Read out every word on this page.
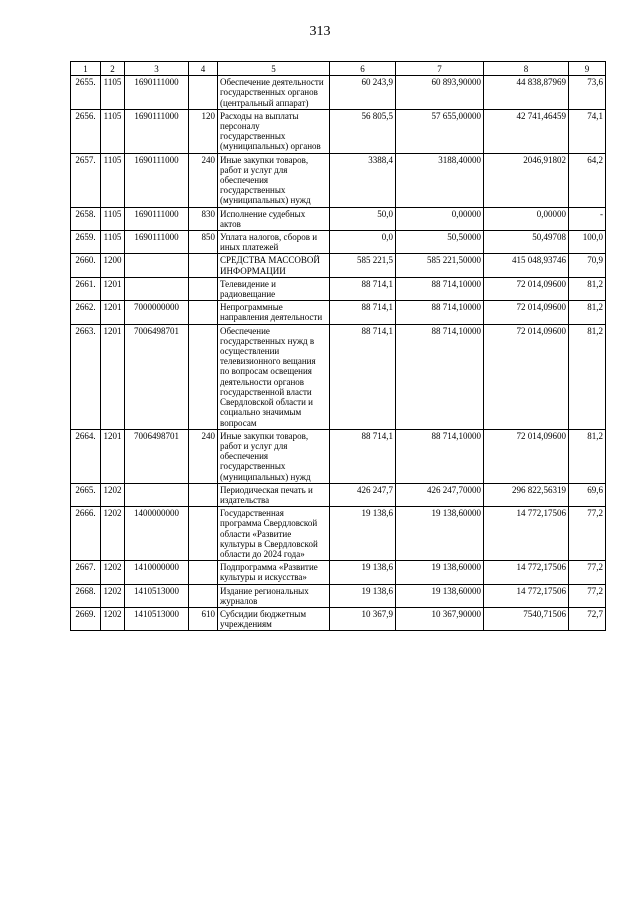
313
1	2	3	4	5	6	7	8	9
2655.	1105	1690111000		Обеспечение деятельности государственных органов (центральный аппарат)	60 243,9	60 893,90000	44 838,87969	73,6
2656.	1105	1690111000	120	Расходы на выплаты персоналу государственных (муниципальных) органов	56 805,5	57 655,00000	42 741,46459	74,1
2657.	1105	1690111000	240	Иные закупки товаров, работ и услуг для обеспечения государственных (муниципальных) нужд	3388,4	3188,40000	2046,91802	64,2
2658.	1105	1690111000	830	Исполнение судебных актов	50,0	0,00000	0,00000	-
2659.	1105	1690111000	850	Уплата налогов, сборов и иных платежей	0,0	50,50000	50,49708	100,0
2660.	1200			СРЕДСТВА МАССОВОЙ ИНФОРМАЦИИ	585 221,5	585 221,50000	415 048,93746	70,9
2661.	1201			Телевидение и радиовещание	88 714,1	88 714,10000	72 014,09600	81,2
2662.	1201	7000000000		Непрограммные направления деятельности	88 714,1	88 714,10000	72 014,09600	81,2
2663.	1201	7006498701		Обеспечение государственных нужд в осуществлении телевизионного вещания по вопросам освещения деятельности органов государственной власти Свердловской области и социально значимым вопросам	88 714,1	88 714,10000	72 014,09600	81,2
2664.	1201	7006498701	240	Иные закупки товаров, работ и услуг для обеспечения государственных (муниципальных) нужд	88 714,1	88 714,10000	72 014,09600	81,2
2665.	1202			Периодическая печать и издательства	426 247,7	426 247,70000	296 822,56319	69,6
2666.	1202	1400000000		Государственная программа Свердловской области «Развитие культуры в Свердловской области до 2024 года»	19 138,6	19 138,60000	14 772,17506	77,2
2667.	1202	1410000000		Подпрограмма «Развитие культуры и искусства»	19 138,6	19 138,60000	14 772,17506	77,2
2668.	1202	1410513000		Издание региональных журналов	19 138,6	19 138,60000	14 772,17506	77,2
2669.	1202	1410513000	610	Субсидии бюджетным учреждениям	10 367,9	10 367,90000	7540,71506	72,7
